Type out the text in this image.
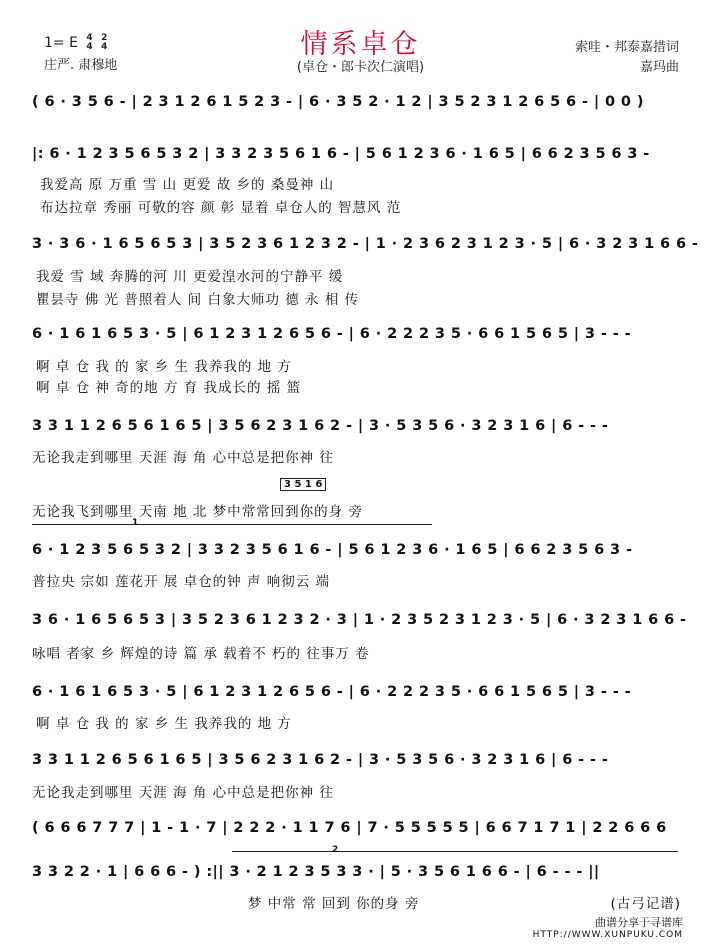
1= E 4
4 2
4
庄严. 肃穆地
情系卓仓
(卓仓・郎卡次仁演唱)
索哇・邦泰嘉措词
嘉玛曲
( 6 · 3 5 6 - | 2 3 1 2 6 1 5 2 3 - | 6 · 3 5 2 · 1 2 | 3 5 2 3 1 2 6 5 6 - | 0 0 )
|: 6 · 1 2 3 5 6 5 3 2 | 3 3 2 3 5 6 1 6 - | 5 6 1 2 3 6 · 1 6 5 | 6 6 2 3 5 6 3 -
我爱高 原 万重 雪 山 更爱 故 乡的 桑曼神 山
布达拉章 秀丽 可敬的容 颜 彰 显着 卓仓人的 智慧风 范
3 · 3 6 · 1 6 5 6 5 3 | 3 5 2 3 6 1 2 3 2 - | 1 · 2 3 6 2 3 1 2 3 · 5 | 6 · 3 2 3 1 6 6 -
我爱 雪 域 奔腾的河 川 更爱湟水河的宁静平 缓
瞿昙寺 佛 光 普照着人 间 白象大师功 德 永 相 传
6 · 1 6 1 6 5 3 · 5 | 6 1 2 3 1 2 6 5 6 - | 6 · 2 2 2 3 5 · 6 6 1 5 6 5 | 3 - - -
啊 卓 仓 我 的 家 乡 生 我养我的 地 方
啊 卓 仓 神 奇的地 方 育 我成长的 摇 篮
3 3 1 1 2 6 5 6 1 6 5 | 3 5 6 2 3 1 6 2 - | 3 · 5 3 5 6 · 3 2 3 1 6 | 6 - - -
无论我走到哪里 天涯 海 角 心中总是把你神 往
3 5 1 6
无论我飞到哪里 天南 地 北 梦中常常回到你的身 旁
1
6 · 1 2 3 5 6 5 3 2 | 3 3 2 3 5 6 1 6 - | 5 6 1 2 3 6 · 1 6 5 | 6 6 2 3 5 6 3 -
普拉央 宗如 莲花开 展 卓仓的钟 声 响彻云 端
3 6 · 1 6 5 6 5 3 | 3 5 2 3 6 1 2 3 2 · 3 | 1 · 2 3 5 2 3 1 2 3 · 5 | 6 · 3 2 3 1 6 6 -
咏唱 者家 乡 辉煌的诗 篇 承 载着不 朽的 往事万 卷
6 · 1 6 1 6 5 3 · 5 | 6 1 2 3 1 2 6 5 6 - | 6 · 2 2 2 3 5 · 6 6 1 5 6 5 | 3 - - -
啊 卓 仓 我 的 家 乡 生 我养我的 地 方
3 3 1 1 2 6 5 6 1 6 5 | 3 5 6 2 3 1 6 2 - | 3 · 5 3 5 6 · 3 2 3 1 6 | 6 - - -
无论我走到哪里 天涯 海 角 心中总是把你神 往
( 6 6 6 7 7 7 | 1 - 1 · 7 | 2 2 2 · 1 1 7 6 | 7 · 5 5 5 5 5 | 6 6 7 1 7 1 | 2 2 6 6 6
2
3 3 2 2 · 1 | 6 6 6 - ) :|| 3 · 2 1 2 3 5 3 3 · | 5 · 3 5 6 1 6 6 - | 6 - - - ||
梦 中常 常 回到 你的身 旁	(古弓记谱)
曲谱分享于寻谱库
HTTP://WWW.XUNPUKU.COM
